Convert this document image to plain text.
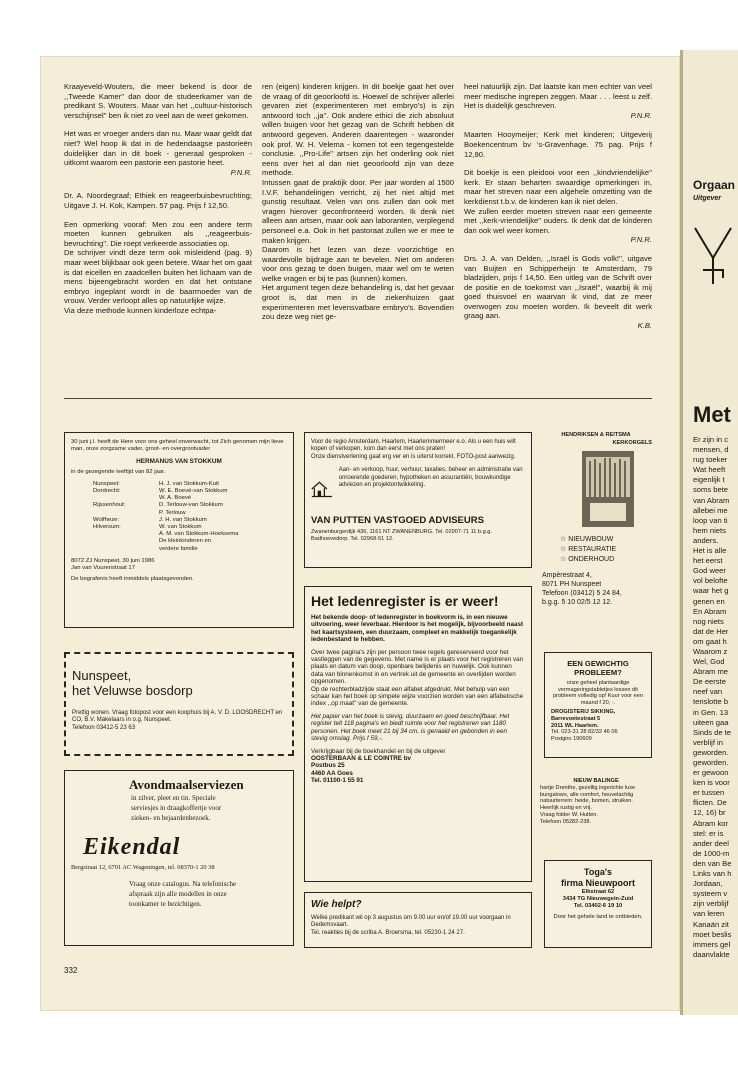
Kraayeveld-Wouters, die meer bekend is door de ,,Tweede Kamer'' dan door de studeerkamer van de predikant S. Wouters. Maar van het ,,cultuur-historisch verschijnsel'' ben ik niet zo veel aan de weet gekomen.

Het was er vroeger anders dan nu. Maar waar geldt dat niet? Wel hoop ik dat in de hedendaagse pastorieën duidelijker dan in dit boek - generaal gesproken - uitkomt waarom een pastorie een pastorie heet.

P.N.R.

Dr. A. Noordegraaf; Ethiek en reageerbuisbevruchting; Uitgave J. H. Kok, Kampen. 57 pag. Prijs f 12,50.

Een opmerking vooraf: Men zou een andere term moeten kunnen gebruiken als ,,reageerbuis-bevruchting''. Die roept verkeerde associaties op.

De schrijver vindt deze term ook misleidend (pag. 9) maar weet blijkbaar ook geen betere. Waar het om gaat is dat eicellen en zaadcellen buiten het lichaam van de mens bijeengebracht worden en dat het ontstane embryo ingeplant wordt in de baarmoeder van de vrouw. Verder verloopt alles op natuurlijke wijze.

Via deze methode kunnen kinderloze echtpa-

ren (eigen) kinderen krijgen. In dit boekje gaat het over de vraag of dit geoorloofd is. Hoewel de schrijver allerlei gevaren ziet (experimenteren met embryo's) is zijn antwoord toch ,,ja''. Ook andere ethici die zich absoluut willen buigen voor het gezag van de Schrift hebben dit antwoord gegeven. Anderen daarentegen - waaronder ook prof. W. H. Velema - komen tot een tegengestelde conclusie. ,,Pro-Life'' artsen zijn het onderling ook niet eens over het al dan niet geoorloofd zijn van deze methode.

Intussen gaat de praktijk door. Per jaar worden al 1500 I.V.F. behandelingen verricht, zij het niet altijd met gunstig resultaat. Velen van ons zullen dan ook met vragen hierover geconfronteerd worden. Ik denk niet alleen aan artsen, maar ook aan laboranten, verplegend personeel e.a. Ook in het pastoraat zullen we er mee te maken krijgen.

Daarom is het lezen van deze voorzichtige en waardevolle bijdrage aan te bevelen. Niet om anderen voor ons gezag te doen buigen, maar wel om te weten welke vragen er bij te pas (kunnen) komen.

Het argument tegen deze behandeling is, dat het gevaar groot is, dat men in de ziekenhuizen gaat experimenteren met levensvatbare embryo's. Bovendien zou deze weg niet ge-

heel natuurlijk zijn. Dat laatste kan men echter van veel meer medische ingrepen zeggen. Maar . . . leest u zelf. Het is duidelijk geschreven.

P.N.R.

Maarten Hooymeijer; Kerk met kinderen; Uitgeverij Boekencentrum bv 's-Gravenhage. 75 pag. Prijs f 12,90.

Dit boekje is een pleidooi voor een ,,kindvriendelijke'' kerk. Er staan beharten swaardige opmerkingen in, maar het streven naar een algehele omzetting van de kerkdienst t.b.v. de kinderen kan ik niet delen.

We zullen eerder moeten streven naar een gemeente met ,,kerk-vriendelijke'' ouders. Ik denk dat de kinderen dan ook wel weer komen.

P.N.R.

Drs. J. A. van Delden, ,,Israël is Gods volk!'', uitgave van Buijten en Schipperheijn te Amsterdam, 79 bladzijden, prijs f 14,50. Een uitleg van de Schrift over de positie en de toekomst van ,,Israël'', waarbij ik mij goed thuisvoel en waarvan ik vind, dat ze meer overwogen zou moeten worden. Ik beveelt dit werk graag aan.

K.B.

30 juni j.l. heeft de Here voor ons geheel onverwacht, tot Zich genomen mijn lieve man, onze zorgzame vader, groot- en overgrootvader
HERMANUS VAN STOKKUM
in de gezegende leeftijd van 82 jaar.
Nunspeet:	H. J. van Stokkum-Kuit
Dordrecht:	W. E. Boevé-van Stokkum
W. A. Boevé
Rijssenhout:	D. Terlouw-van Stokkum
P. Terlouw
Wolfheze:	J. H. van Stokkum
Hilversum:	W. van Stokkum
A. M. van Stokkum-Hoeksema
De kleinkinderen en
verdere familie
8072 ZJ Nunspeet, 30 juni 1986
Jan van Vuurenstraat 17
De begrafenis heeft inmiddels plaatsgevonden.
Nunspeet,
het Veluwse bosdorp
Prettig wonen. Vraag fotopost voor een koophuis bij A. V. D. LOOSDRECHT en CO, B.V. Makelaars in o.g. Nunspeet.
Telefoon 03412-5 23 63
Avondmaalserviezen
in zilver, pleet en tin. Speciale
serviesjes in draagkoffertje voor
zieken- en bejaardenbezoek.
Eikendal
Bergstraat 12, 6701 AC Wageningen, tel. 08370-1 20 38
Vraag onze catalogus. Na telefonische
afspraak zijn alle modellen in onze
toonkamer te bezichtigen.
Voor de regio Amsterdam, Haarlem, Haarlemmermeer e.o. Als u een huis wilt kopen of verkopen, kom dan eerst met ons praten!
Onze dienstverlening gaat erg ver en is uiterst korrekt. FOTO-post aanwezig.
Aan- en verkoop, huur, verhuur, taxaties, beheer en administratie van onroerende goederen, hypotheken en assurantiën, bouwkundige adviezen en projektontwikkeling.
VAN PUTTEN VASTGOED ADVISEURS
Zwanenburgerdijk 436, 1161 NT ZWANENBURG. Tel. 02907-71 11 b.g.g. Badhoevedorp. Tel. 02968-51 12.
Het ledenregister is er weer!
Het bekende doop- of ledenregister in boekvorm is, in een nieuwe uitvoering, weer leverbaar. Hierdoor is het mogelijk, bijvoorbeeld naast het kaartsysteem, een duurzaam, compleet en makkelijk toegankelijk ledenbestand te hebben.
Over twee pagina's zijn per persoon twee regels gereserveerd voor het vastleggen van de gegevens. Met name is er plaats voor het registreren van plaats en datum van doop, openbare belijdenis en huwelijk. Ook kunnen data van binnenkomst in en vertrek uit de gemeente en overlijden worden opgenomen.
Op de rechterbladzijde staat een alfabet afgedrukt. Met behulp van een schaar kan het boek op simpele wijze voorzien worden van een alfabetische index ,,op maat'' van de gemeente.
Het papier van het boek is stevig, duurzaam en goed beschrijfbaar. Het register telt 118 pagina's en biedt ruimte voor het registreren van 1180 personen. Het boek meet 21 bij 34 cm, is genaaid en gebonden in een stevig omslag. Prijs f 59,-.
Verkrijgbaar bij de boekhandel en bij de uitgever
OOSTERBAAN & LE COINTRE bv
Postbus 25
4460 AA Goes
Tel. 01100-1 55 91
Wie helpt?
Welke predikant wil op 3 augustus om 9.00 uur en/of 19.00 uur voorgaan in Dedemsvaart.
Tel. reakties bij de scriba A. Broersma, tel. 05230-1 24 27.
HENDRIKSEN & REITSMA
KERKORGELS
☆ NIEUWBOUW
☆ RESTAURATIE
☆ ONDERHOUD
Ampèrestraat 4,
8071 PH Nunspeet
Telefoon (03412) 5 24 84,
b.g.g. 5 10 02/5 12 12.
EEN GEWICHTIG
PROBLEEM?
onze geheel plantaardige vermageringstabletjes lossen dit probleem volledig op! Kuur voor een maand f 20, -.
DROGISTERIJ SIKKING,
Barrevoetestraat 5
2011 WL Haarlem.
Tel. 023-31 28 82/32 46 06
Postgiro 190609
NIEUW BALINGE
hartje Drenthe, gezellig ingerichte luxe bungalows, alle comfort, heuvelachtig natuurterrein: heide, bomen, struiken. Heerlijk rustig en vrij.
Vraag folder W. Hutten.
Telefoon 05282-238.
Toga's
firma Nieuwpoort
Elkstraat 62
3434 TG Nieuwegein-Zuid
Tel. 03402-6 19 10
Door het gehele land te ontbieden.
332
Orgaan
Uitgever
Met
Er zijn in c
mensen, d
rug toeker
Wat heeft
eigenlijk t
soms bete
van Abram
allebei me
loop van ti
hem niets
anders.
Het is alle
het eerst
God weer
vol belofte
waar het g
genen en
En Abram
nog niets
dat de Her
om gaat h
Waarom z
Wel, God
Abram me
De eerste
neef van
tenslotte b
in Gen. 13
uiteen gaa
Sinds de te
verblijf in
geworden.
geworden.
er gewoon
ken is voor
er tussen
flicten. De
12, 16) br
Abram kor
stel: er is
ander deel
de 1000-m
den van Be
Links van h
Jordaan,
systeem v
zijn verblijf
van leren
Kanaän zit
moet beslis
immers gel
daanvlakte
